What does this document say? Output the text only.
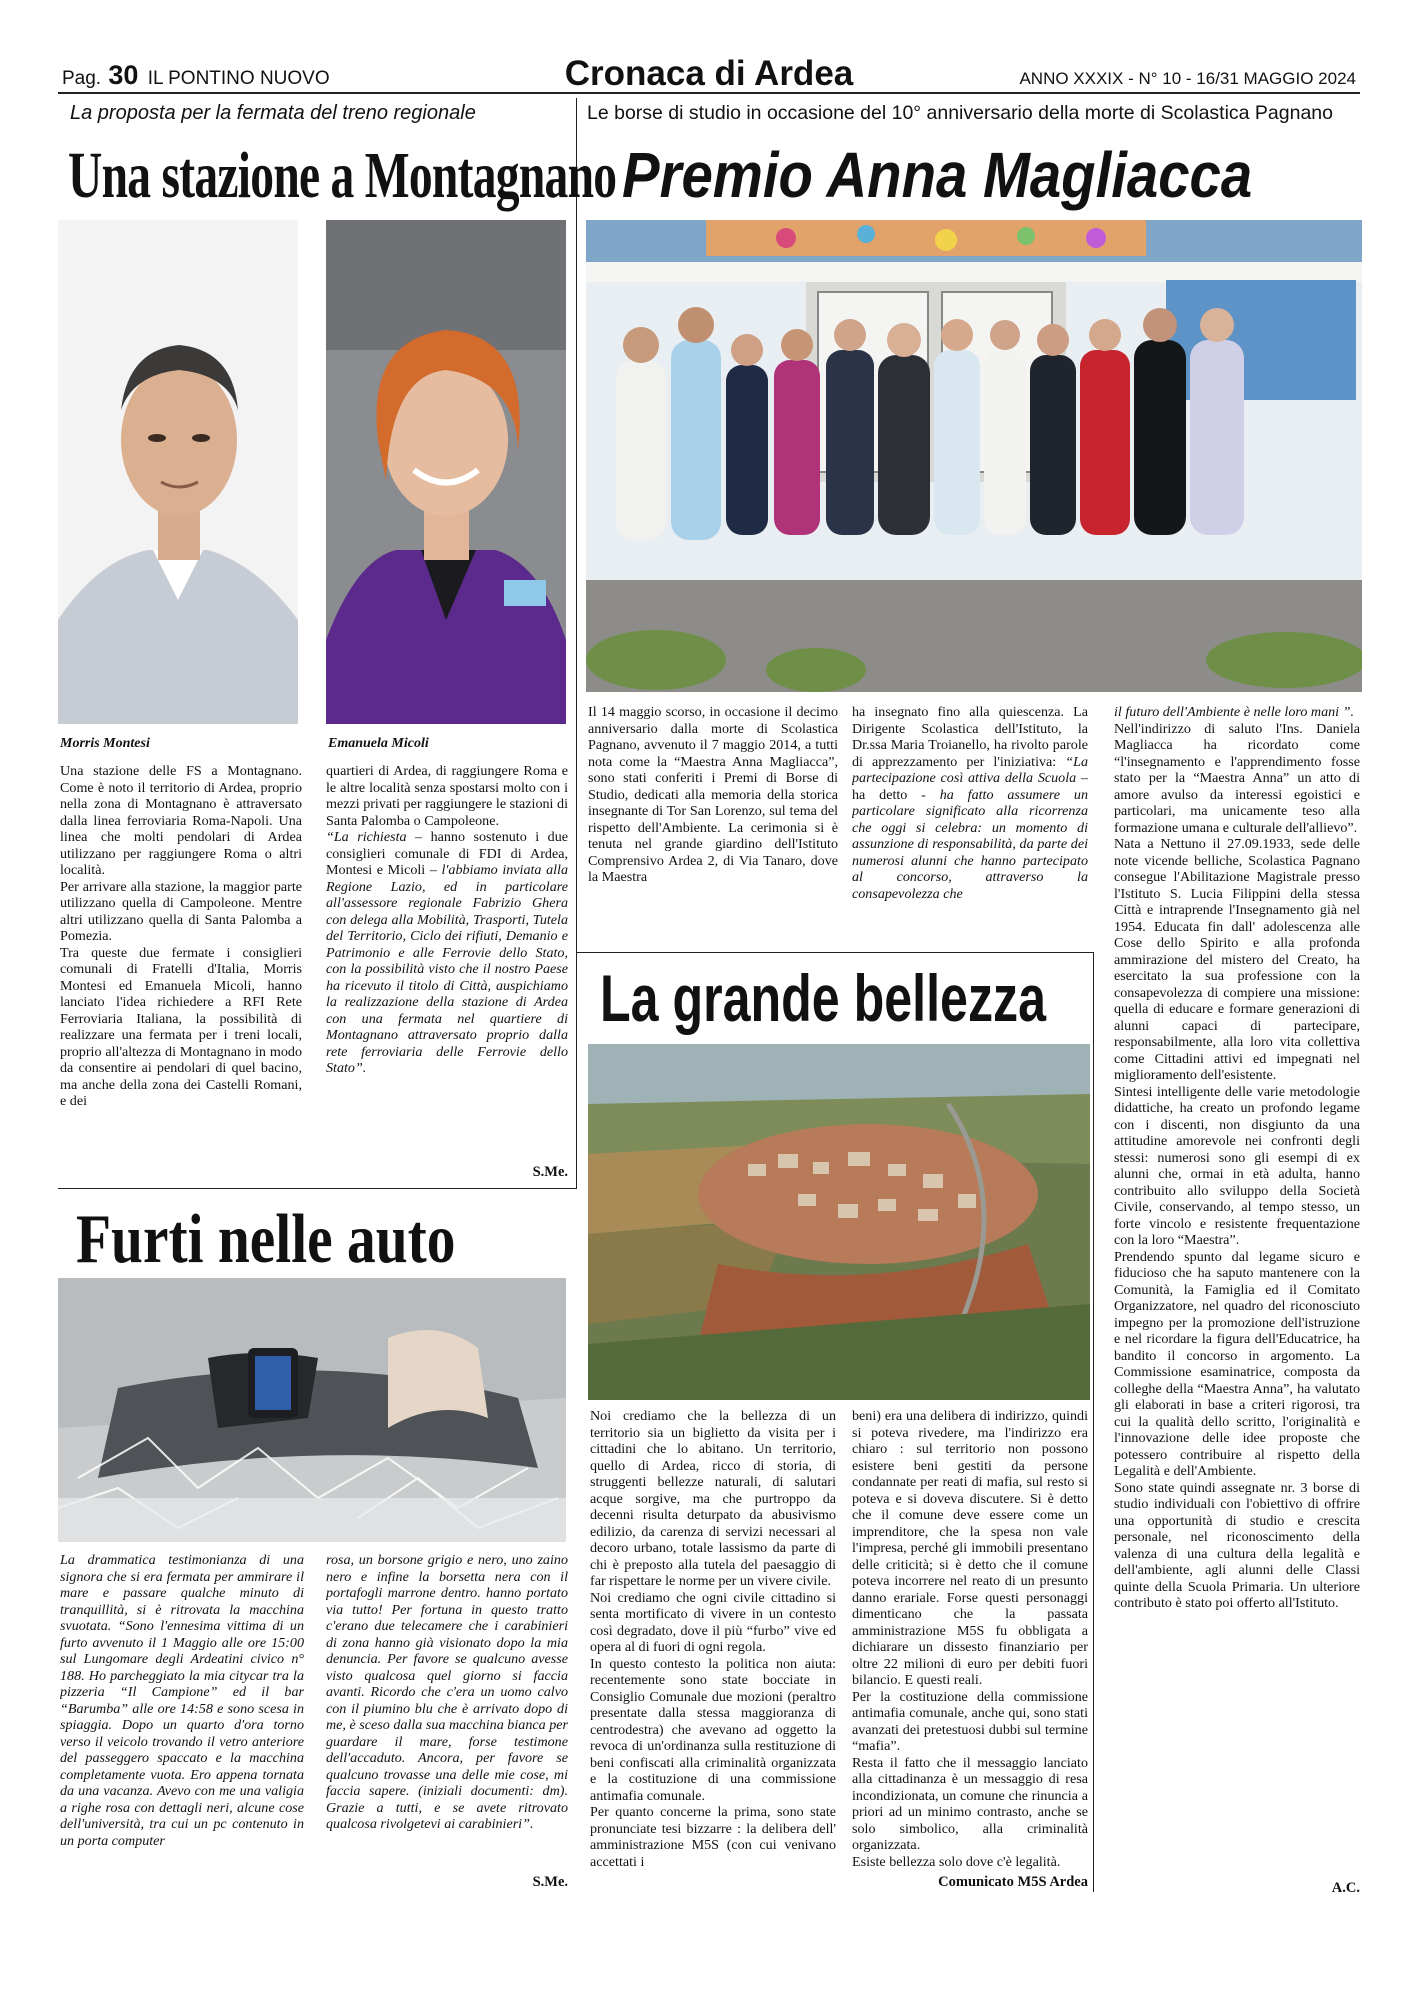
Pag. 30 IL PONTINO NUOVO	Cronaca di Ardea	ANNO XXXIX - N° 10 - 16/31 MAGGIO 2024
La proposta per la fermata del treno regionale
Una stazione a Montagnano
Morris Montesi	Emanuela Micoli

Una stazione delle FS a Montagnano. Come è noto il territorio di Ardea, proprio nella zona di Montagnano è attraversato dalla linea ferroviaria Roma-Napoli. Una linea che molti pendolari di Ardea utilizzano per raggiungere Roma o altri località.

Per arrivare alla stazione, la maggior parte utilizzano quella di Campoleone. Mentre altri utilizzano quella di Santa Palomba a Pomezia.

Tra queste due fermate i consiglieri comunali di Fratelli d'Italia, Morris Montesi ed Emanuela Micoli, hanno lanciato l'idea richiedere a RFI Rete Ferroviaria Italiana, la possibilità di realizzare una fermata per i treni locali, proprio all'altezza di Montagnano in modo da consentire ai pendolari di quel bacino, ma anche della zona dei Castelli Romani, e dei

quartieri di Ardea, di raggiungere Roma e le altre località senza spostarsi molto con i mezzi privati per raggiungere le stazioni di Santa Palomba o Campoleone.

“La richiesta – hanno sostenuto i due consiglieri comunale di FDI di Ardea, Montesi e Micoli – l'abbiamo inviata alla Regione Lazio, ed in particolare all'assessore regionale Fabrizio Ghera con delega alla Mobilità, Trasporti, Tutela del Territorio, Ciclo dei rifiuti, Demanio e Patrimonio e alle Ferrovie dello Stato, con la possibilità visto che il nostro Paese ha ricevuto il titolo di Città, auspichiamo la realizzazione della stazione di Ardea con una fermata nel quartiere di Montagnano attraversato proprio dalla rete ferroviaria delle Ferrovie dello Stato”.

S.Me.
Le borse di studio in occasione del 10° anniversario della morte di Scolastica Pagnano
Premio Anna Magliacca

Il 14 maggio scorso, in occasione il decimo anniversario dalla morte di Scolastica Pagnano, avvenuto il 7 maggio 2014, a tutti nota come la “Maestra Anna Magliacca”, sono stati conferiti i Premi di Borse di Studio, dedicati alla memoria della storica insegnante di Tor San Lorenzo, sul tema del rispetto dell'Ambiente. La cerimonia si è tenuta nel grande giardino dell'Istituto Comprensivo Ardea 2, di Via Tanaro, dove la Maestra

ha insegnato fino alla quiescenza. La Dirigente Scolastica dell'Istituto, la Dr.ssa Maria Troianello, ha rivolto parole di apprezzamento per l'iniziativa: “La partecipazione così attiva della Scuola – ha detto - ha fatto assumere un particolare significato alla ricorrenza che oggi si celebra: un momento di assunzione di responsabilità, da parte dei numerosi alunni che hanno partecipato al concorso, attraverso la consapevolezza che

il futuro dell'Ambiente è nelle loro mani ”.

Nell'indirizzo di saluto l'Ins. Daniela Magliacca ha ricordato come “l'insegnamento e l'apprendimento fosse stato per la “Maestra Anna” un atto di amore avulso da interessi egoistici e particolari, ma unicamente teso alla formazione umana e culturale dell'allievo”.

Nata a Nettuno il 27.09.1933, sede delle note vicende belliche, Scolastica Pagnano consegue l'Abilitazione Magistrale presso l'Istituto S. Lucia Filippini della stessa Città e intraprende l'Insegnamento già nel 1954. Educata fin dall' adolescenza alle Cose dello Spirito e alla profonda ammirazione del mistero del Creato, ha esercitato la sua professione con la consapevolezza di compiere una missione: quella di educare e formare generazioni di alunni capaci di partecipare, responsabilmente, alla loro vita collettiva come Cittadini attivi ed impegnati nel miglioramento dell'esistente.

Sintesi intelligente delle varie metodologie didattiche, ha creato un profondo legame con i discenti, non disgiunto da una attitudine amorevole nei confronti degli stessi: numerosi sono gli esempi di ex alunni che, ormai in età adulta, hanno contribuito allo sviluppo della Società Civile, conservando, al tempo stesso, un forte vincolo e resistente frequentazione con la loro “Maestra”.

Prendendo spunto dal legame sicuro e fiducioso che ha saputo mantenere con la Comunità, la Famiglia ed il Comitato Organizzatore, nel quadro del riconosciuto impegno per la promozione dell'istruzione e nel ricordare la figura dell'Educatrice, ha bandito il concorso in argomento. La Commissione esaminatrice, composta da colleghe della “Maestra Anna”, ha valutato gli elaborati in base a criteri rigorosi, tra cui la qualità dello scritto, l'originalità e l'innovazione delle idee proposte che potessero contribuire al rispetto della Legalità e dell'Ambiente.

Sono state quindi assegnate nr. 3 borse di studio individuali con l'obiettivo di offrire una opportunità di studio e crescita personale, nel riconoscimento della valenza di una cultura della legalità e dell'ambiente, agli alunni delle Classi quinte della Scuola Primaria. Un ulteriore contributo è stato poi offerto all'Istituto.

A.C.
La grande bellezza

Noi crediamo che la bellezza di un territorio sia un biglietto da visita per i cittadini che lo abitano. Un territorio, quello di Ardea, ricco di storia, di struggenti bellezze naturali, di salutari acque sorgive, ma che purtroppo da decenni risulta deturpato da abusivismo edilizio, da carenza di servizi necessari al decoro urbano, totale lassismo da parte di chi è preposto alla tutela del paesaggio di far rispettare le norme per un vivere civile.

Noi crediamo che ogni civile cittadino si senta mortificato di vivere in un contesto così degradato, dove il più “furbo” vive ed opera al di fuori di ogni regola.

In questo contesto la politica non aiuta: recentemente sono state bocciate in Consiglio Comunale due mozioni (peraltro presentate dalla stessa maggioranza di centrodestra) che avevano ad oggetto la revoca di un'ordinanza sulla restituzione di beni confiscati alla criminalità organizzata e la costituzione di una commissione antimafia comunale.

Per quanto concerne la prima, sono state pronunciate tesi bizzarre : la delibera dell' amministrazione M5S (con cui venivano accettati i

beni) era una delibera di indirizzo, quindi si poteva rivedere, ma l'indirizzo era chiaro : sul territorio non possono esistere beni gestiti da persone condannate per reati di mafia, sul resto si poteva e si doveva discutere. Si è detto che il comune deve essere come un imprenditore, che la spesa non vale l'impresa, perché gli immobili presentano delle criticità; si è detto che il comune poteva incorrere nel reato di un presunto danno erariale. Forse questi personaggi dimenticano che la passata amministrazione M5S fu obbligata a dichiarare un dissesto finanziario per oltre 22 milioni di euro per debiti fuori bilancio. E questi reali.

Per la costituzione della commissione antimafia comunale, anche qui, sono stati avanzati dei pretestuosi dubbi sul termine “mafia”.

Resta il fatto che il messaggio lanciato alla cittadinanza è un messaggio di resa incondizionata, un comune che rinuncia a priori ad un minimo contrasto, anche se solo simbolico, alla criminalità organizzata.

Esiste bellezza solo dove c'è legalità.

Comunicato M5S Ardea
Furti nelle auto

La drammatica testimonianza di una signora che si era fermata per ammirare il mare e passare qualche minuto di tranquillità, si è ritrovata la macchina svuotata. “Sono l'ennesima vittima di un furto avvenuto il 1 Maggio alle ore 15:00 sul Lungomare degli Ardeatini civico n° 188. Ho parcheggiato la mia citycar tra la pizzeria “Il Campione” ed il bar “Barumba” alle ore 14:58 e sono scesa in spiaggia. Dopo un quarto d'ora torno verso il veicolo trovando il vetro anteriore del passeggero spaccato e la macchina completamente vuota. Ero appena tornata da una vacanza. Avevo con me una valigia a righe rosa con dettagli neri, alcune cose dell'università, tra cui un pc contenuto in un porta computer

rosa, un borsone grigio e nero, uno zaino nero e infine la borsetta nera con il portafogli marrone dentro. hanno portato via tutto! Per fortuna in questo tratto c'erano due telecamere che i carabinieri di zona hanno già visionato dopo la mia denuncia. Per favore se qualcuno avesse visto qualcosa quel giorno si faccia avanti. Ricordo che c'era un uomo calvo con il piumino blu che è arrivato dopo di me, è sceso dalla sua macchina bianca per guardare il mare, forse testimone dell'accaduto. Ancora, per favore se qualcuno trovasse una delle mie cose, mi faccia sapere. (iniziali documenti: dm). Grazie a tutti, e se avete ritrovato qualcosa rivolgetevi ai carabinieri”.

S.Me.
